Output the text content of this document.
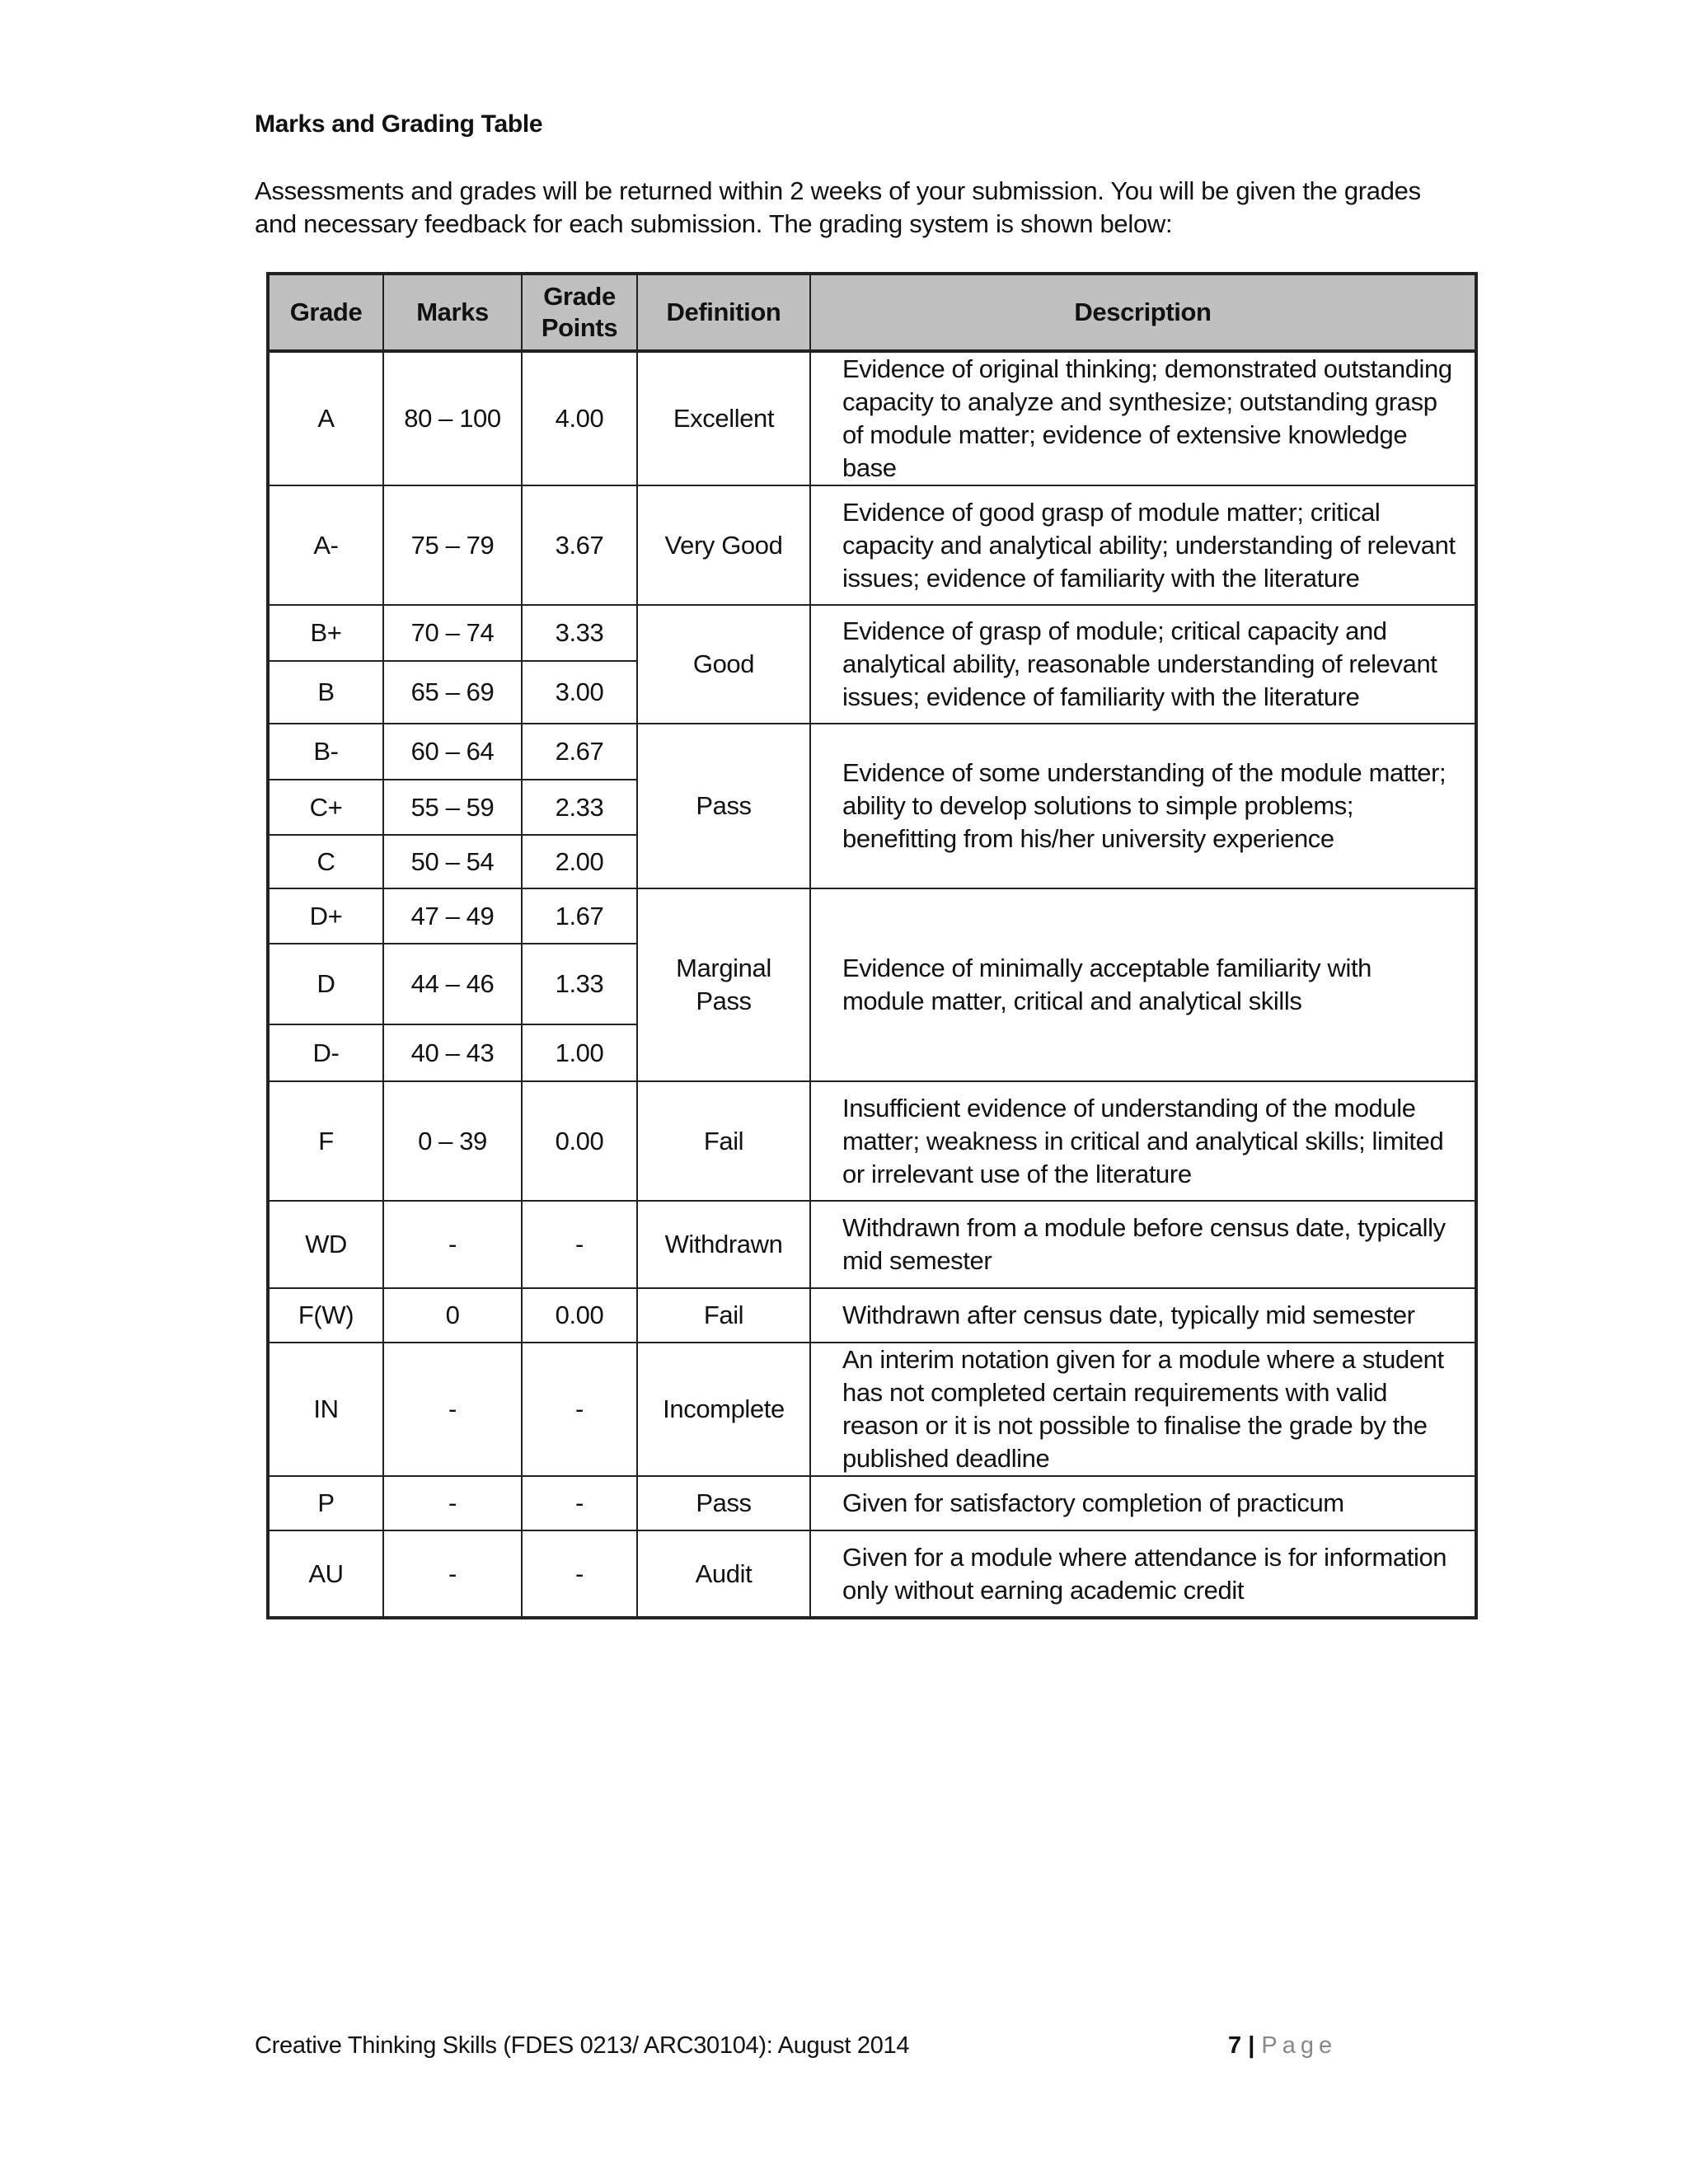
Marks and Grading Table

Assessments and grades will be returned within 2 weeks of your submission. You will be given the grades

and necessary feedback for each submission. The grading system is shown below:

Grade	Marks	Grade Points	Definition	Description
A	80 – 100	4.00	Excellent	Evidence of original thinking; demonstrated outstanding capacity to analyze and synthesize; outstanding grasp of module matter; evidence of extensive knowledge base
A-	75 – 79	3.67	Very Good	Evidence of good grasp of module matter; critical capacity and analytical ability; understanding of relevant issues; evidence of familiarity with the literature
B+	70 – 74	3.33	Good	Evidence of grasp of module; critical capacity and analytical ability, reasonable understanding of relevant issues; evidence of familiarity with the literature
B	65 – 69	3.00		
B-	60 – 64	2.67	Pass	Evidence of some understanding of the module matter; ability to develop solutions to simple problems; benefitting from his/her university experience
C+	55 – 59	2.33		
C	50 – 54	2.00		
D+	47 – 49	1.67	Marginal Pass	Evidence of minimally acceptable familiarity with module matter, critical and analytical skills
D	44 – 46	1.33		
D-	40 – 43	1.00		
F	0 – 39	0.00	Fail	Insufficient evidence of understanding of the module matter; weakness in critical and analytical skills; limited or irrelevant use of the literature
WD	-	-	Withdrawn	Withdrawn from a module before census date, typically mid semester
F(W)	0	0.00	Fail	Withdrawn after census date, typically mid semester
IN	-	-	Incomplete	An interim notation given for a module where a student has not completed certain requirements with valid reason or it is not possible to finalise the grade by the published deadline
P	-	-	Pass	Given for satisfactory completion of practicum
AU	-	-	Audit	Given for a module where attendance is for information only without earning academic credit
Creative Thinking Skills (FDES 0213/ ARC30104): August 2014	7 | Page
